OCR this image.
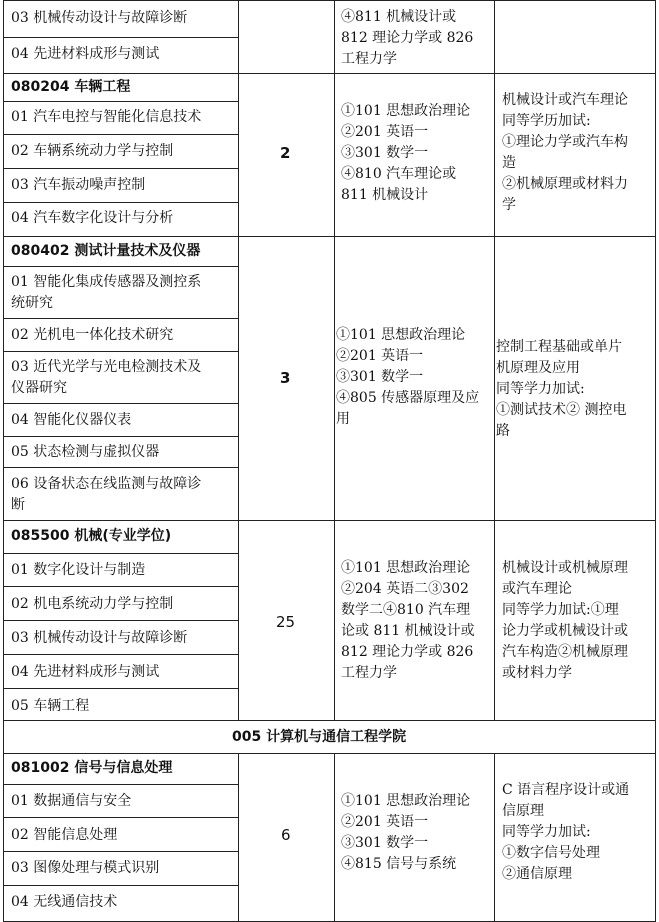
03 机械传动设计与故障诊断
04 先进材料成形与测试
④811 机械设计或
812 理论力学或 826
工程力学
080204 车辆工程
01 汽车电控与智能化信息技术
02 车辆系统动力学与控制
03 汽车振动噪声控制
04 汽车数字化设计与分析
2
①101 思想政治理论
②201 英语一
③301 数学一
④810 汽车理论或
811 机械设计
机械设计或汽车理论
同等学历加试:
①理论力学或汽车构
造
②机械原理或材料力
学
080402 测试计量技术及仪器
01 智能化集成传感器及测控系
统研究
02 光机电一体化技术研究
03 近代光学与光电检测技术及
仪器研究
04 智能化仪器仪表
05 状态检测与虚拟仪器
06 设备状态在线监测与故障诊
断
3
①101 思想政治理论
②201 英语一
③301 数学一
④805 传感器原理及应
用
控制工程基础或单片
机原理及应用
同等学力加试:
①测试技术② 测控电
路
085500 机械(专业学位)
01 数字化设计与制造
02 机电系统动力学与控制
03 机械传动设计与故障诊断
04 先进材料成形与测试
05 车辆工程
25
①101 思想政治理论
②204 英语二③302
数学二④810 汽车理
论或 811 机械设计或
812 理论力学或 826
工程力学
机械设计或机械原理
或汽车理论
同等学力加试:①理
论力学或机械设计或
汽车构造②机械原理
或材料力学
005 计算机与通信工程学院
081002 信号与信息处理
01 数据通信与安全
02 智能信息处理
03 图像处理与模式识别
04 无线通信技术
6
①101 思想政治理论
②201 英语一
③301 数学一
④815 信号与系统
C 语言程序设计或通
信原理
同等学力加试:
①数字信号处理
②通信原理
